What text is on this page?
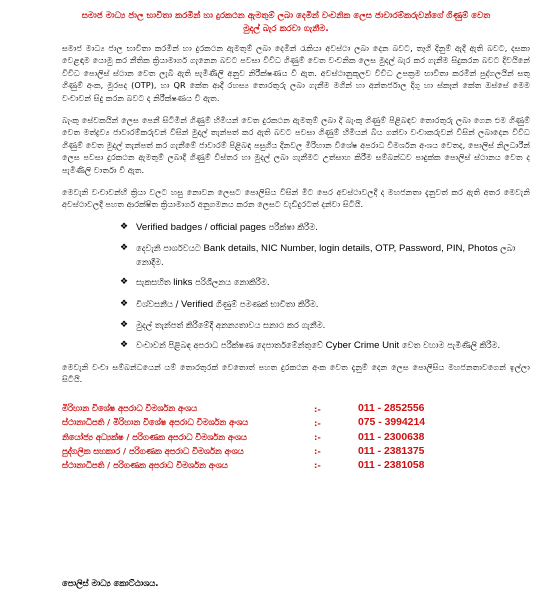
සමාජ මාධ්‍ය ජාල භාවිතා කරමින් හා දුරකථන ඇමතුම් ලබා දෙමින් වංචනික ලෙස ජාවාරම්කරුවන්ගේ ගිණුම් වෙත මුදල් බැර කරවා ගැනීම.

සමාජ මාධ්‍ය ජාල භාවිතා කරමින් හා දුරකථන ඇමතුම් ලබා දෙමින් රැකියා අවස්ථා ලබා දෙන බවට, තෑගි දිනුම් ඇදී ඇති බවට, දසකා වෙළඳාම යොමු කර නීතික ක්‍රියාමාර්ග ගැනෙන බවට පවසා විවිධ ගිණුම් වෙත වංචනික ලෙස මුදල් බැර කර ගැනීම සිදුකරන බවට දිවයිනේ විවිධ පොලිස් ස්ථාන වෙත ලැබී ඇති පැමිණිලි අනුව නිරීක්ෂණය වී ඇත. අවස්ථානුකූලව විවිධ උපක්‍රම භාවිතා කරමින් පුද්ගලයින් සතු ගිණුම් අංක, මුරපද (OTP), හා QR කේත ආදී රහස්‍ය තොරතුරු ලබා ගැනීම මගින් හා අන්තර්ජාල දිගු හා ස්කෑන් කේත ඔස්සේ මෙම වංචාවන් සිදු කරන බවට ද නිරීක්ෂණය වී ඇත.

බැංකු සේවකයින් ලෙස පෙනී සිටිමින් ගිණුම් හිමියන් වෙත දුරකථන ඇමතුම් ලබා දී බැංකු ගිණුම් පිළිබඳව තොරතුරු ලබා ගෙන එම ගිණුම් වෙත මත්ද්‍රව්‍ය ජාවාරම්කරුවන් විසින් මුදල් තැන්පත් කර ඇති බවට පවසා ගිණුම් හිමියන් බිය ගන්වා වංචාකරුවන් විසින් ලබාදෙන විවිධ ගිණුම් වෙත මුදල් තැන්පත් කර ගැනීමේ ජාවාරම් පිළිබඳ පසුගිය දිනවල මිරිහාන විශේෂ අපරාධ විමර්ශන අංශය වෙතද, පොලිස් නිලධාරීන් ලෙස පවසා දුරකථන ඇමතුම් ලබාදී ගිණුම් විස්තර හා මුදල් ලබා ගැනීමට උත්සාහ කිරීම සම්බන්ධව පාදුක්ක පොලිස් ස්ථානය වෙත ද පැමිණිලි වාර්තා වී ඇත.

මෙවැනි වංචාවන්හි ක්‍රියා වලට හසු නොවන ලෙසට පොලිසිය විසින් මීට පෙර අවස්ථාවලදී ද මහජනතා දැනුවත් කර ඇති අතර මෙවැනි අවස්ථාවලදී පහත ආරක්ෂිත ක්‍රියාමාර්ග අනුගමනය කරන ලෙසට වැඩිදුරටත් දන්වා සිටියි.

❖ Verified badges / official pages පරීක්ෂා කිරීම.
❖ දෙවැනි පාර්ශවයට Bank details, NIC Number, login details, OTP, Password, PIN, Photos ලබා නොදීම.
❖ සැකසහිත links පරිශීලනය නොකිරීම.
❖ විශ්වසනීය / Verified ගිණුම් පමණක් භාවිතා කිරීම.
❖ මුදල් තැන්පත් කිරීමේදී අනන්‍යතාවය සනාථ කර ගැනීම.
❖ වංචාවන් පිළිබඳ අපරාධ පරීක්ෂණ දෙපාර්තමේන්තුවේ Cyber Crime Unit වෙත වහාම පැමිණිලි කිරීම.

මෙවැනි වංචා සම්බන්ධයෙන් යම් තොරතුරක් වෙතොත් පහත දුරකථන අංක වෙත දැනුම් දෙන ලෙස පොලිසිය මහජනතාවගෙන් ඉල්ලා සිටියි.

මිරිහාන විශේෂ අපරාධ විමර්ශන අංශය	:-	011 - 2852556
ස්ථානාධිපති / මිරිහාන විශේෂ අපරාධ විමර්ශන අංශය	:-	075 - 3994214
නියෝජ්‍ය අධ්‍යක්ෂ / පරිගණක අපරාධ විමර්ශන අංශය	:-	011 - 2300638
පුද්ගලික සහකාර / පරිගණක අපරාධ විමර්ශන අංශය	:-	011 - 2381375
ස්ථානාධිපති / පරිගණක අපරාධ විමර්ශන අංශය	:-	011 - 2381058
පොලිස් මාධ්‍ය කොට්ඨාශය.
